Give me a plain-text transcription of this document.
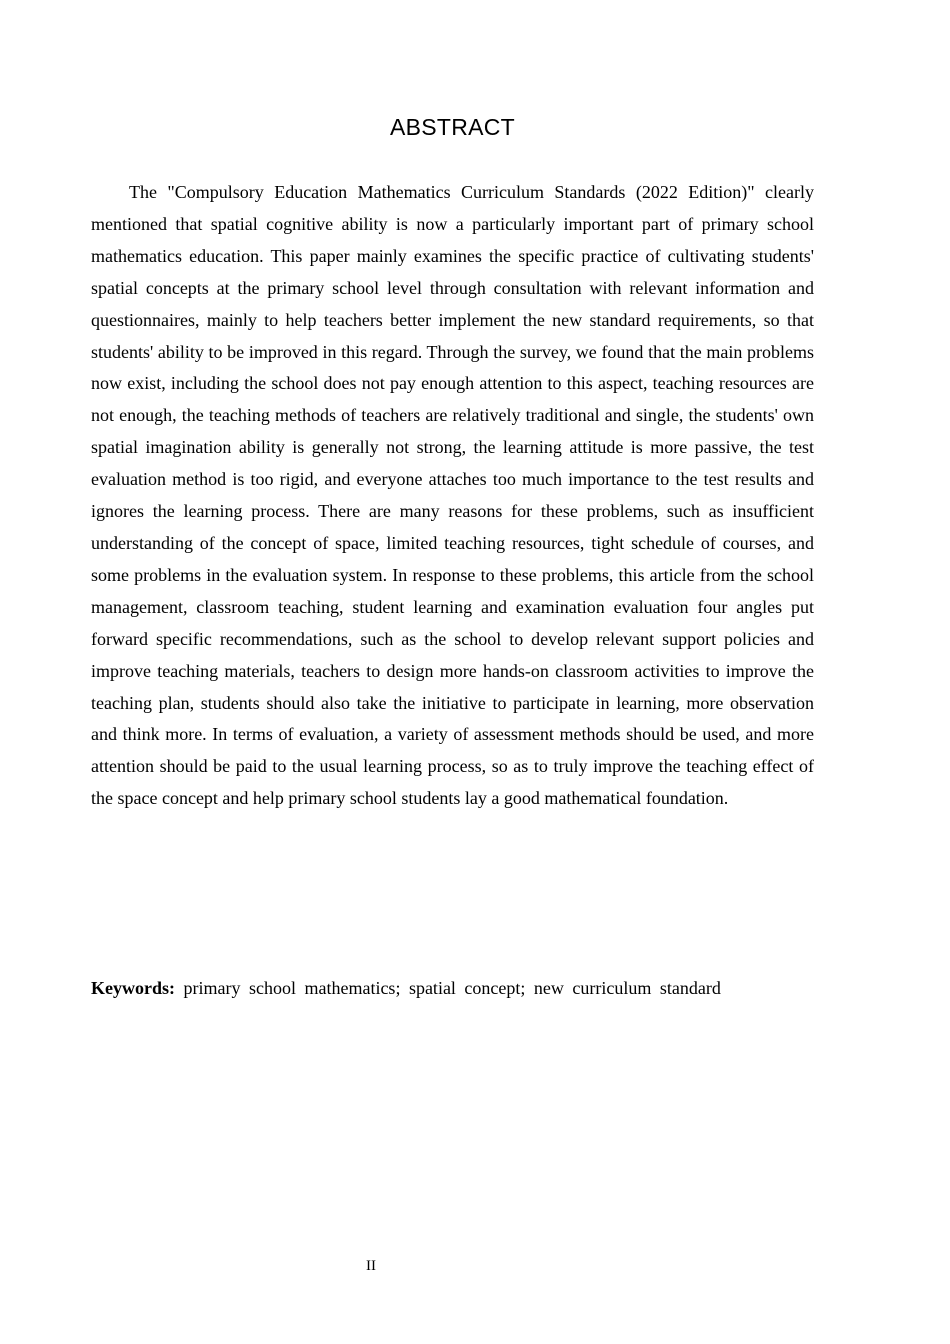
ABSTRACT

The "Compulsory Education Mathematics Curriculum Standards (2022 Edition)" clearly mentioned that spatial cognitive ability is now a particularly important part of primary school mathematics education. This paper mainly examines the specific practice of cultivating students' spatial concepts at the primary school level through consultation with relevant information and questionnaires, mainly to help teachers better implement the new standard requirements, so that students' ability to be improved in this regard. Through the survey, we found that the main problems now exist, including the school does not pay enough attention to this aspect, teaching resources are not enough, the teaching methods of teachers are relatively traditional and single, the students' own spatial imagination ability is generally not strong, the learning attitude is more passive, the test evaluation method is too rigid, and everyone attaches too much importance to the test results and ignores the learning process. There are many reasons for these problems, such as insufficient understanding of the concept of space, limited teaching resources, tight schedule of courses, and some problems in the evaluation system. In response to these problems, this article from the school management, classroom teaching, student learning and examination evaluation four angles put forward specific recommendations, such as the school to develop relevant support policies and improve teaching materials, teachers to design more hands-on classroom activities to improve the teaching plan, students should also take the initiative to participate in learning, more observation and think more. In terms of evaluation, a variety of assessment methods should be used, and more attention should be paid to the usual learning process, so as to truly improve the teaching effect of the space concept and help primary school students lay a good mathematical foundation.

Keywords: primary school mathematics; spatial concept; new curriculum standard

II
